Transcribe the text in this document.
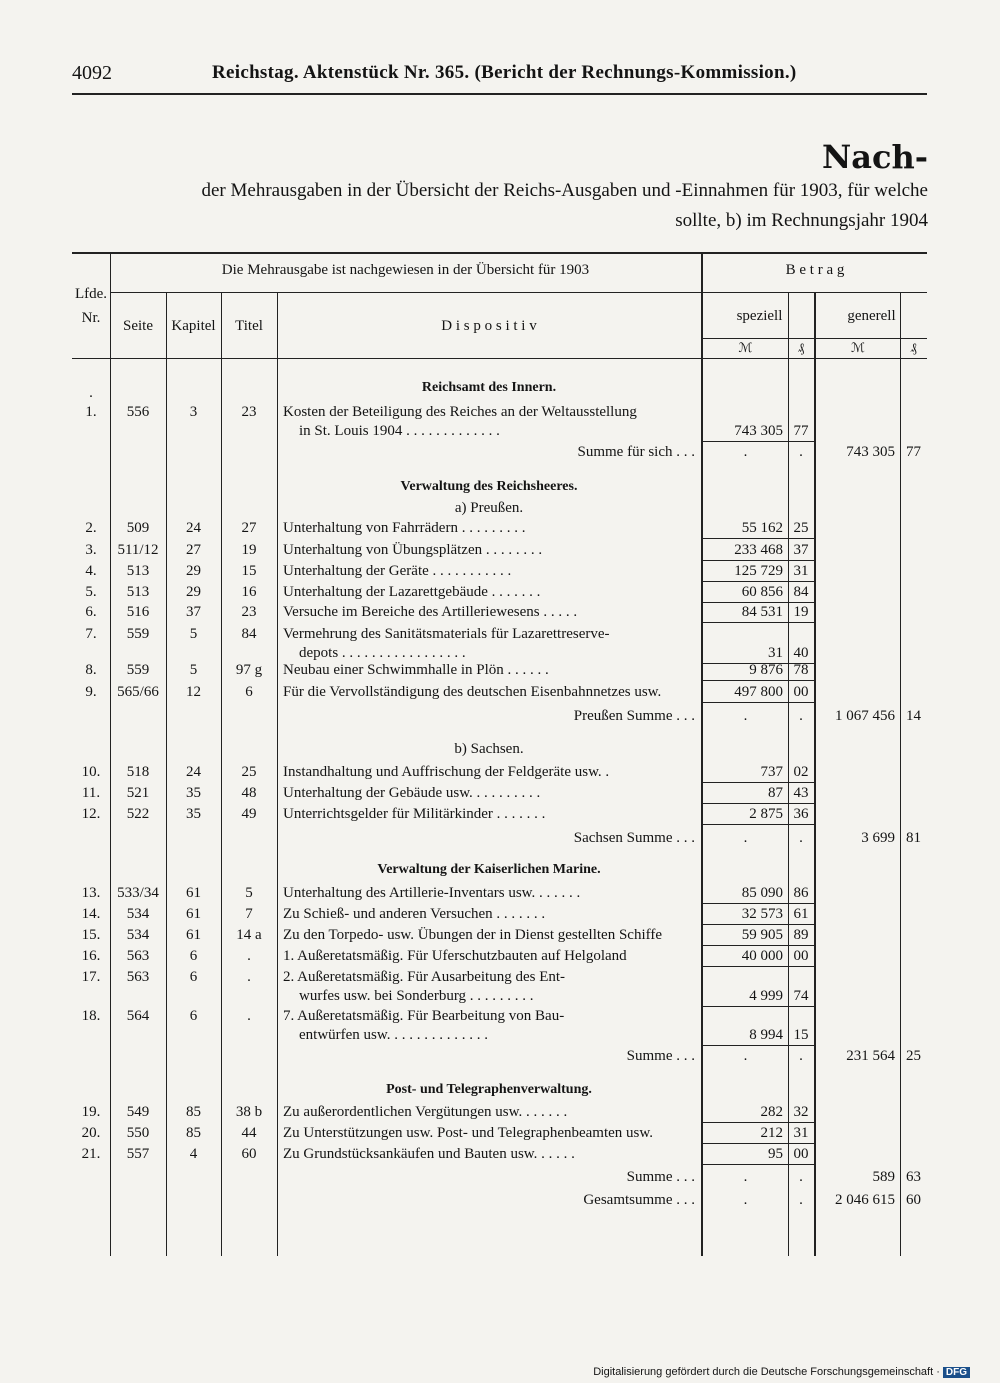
4092	Reichstag. Aktenstück Nr. 365. (Bericht der Rechnungs-Kommission.)
Nach-
der Mehrausgaben in der Übersicht der Reichs-Ausgaben und -Einnahmen für 1903, für welche
sollte, b) im Rechnungsjahr 1904
Lfde.
Nr.
Die Mehrausgabe ist nachgewiesen in der Übersicht für 1903
Seite	Kapitel	Titel	D i s p o s i t i v
B e t r a g
speziell	generell
ℳ	₰	ℳ	₰
.	Reichsamt des Innern.
1.	556	3	23	Kosten der Beteiligung des Reiches an der Weltausstellung
in St. Louis 1904 . . . . . . . . . . . . .	743 305 77
Summe für sich . . .	.	.	743 305 77
Verwaltung des Reichsheeres.
a) Preußen.
2.	509	24	27	Unterhaltung von Fahrrädern . . . . . . . . .	55 162 25
3.	511/12	27	19	Unterhaltung von Übungsplätzen . . . . . . . .	233 468 37
4.	513	29	15	Unterhaltung der Geräte . . . . . . . . . . .	125 729 31
5.	513	29	16	Unterhaltung der Lazarettgebäude . . . . . . .	60 856 84
6.	516	37	23	Versuche im Bereiche des Artilleriewesens . . . . .	84 531 19
7.	559	5	84	Vermehrung des Sanitätsmaterials für Lazarettreserve-
depots . . . . . . . . . . . . . . . . .	31 40
8.	559	5	97 g	Neubau einer Schwimmhalle in Plön . . . . . .	9 876 78
9.	565/66	12	6	Für die Vervollständigung des deutschen Eisenbahnnetzes usw.	497 800 00
Preußen Summe . . .	.	.	1 067 456 14
b) Sachsen.
10.	518	24	25	Instandhaltung und Auffrischung der Feldgeräte usw. .	737 02
11.	521	35	48	Unterhaltung der Gebäude usw. . . . . . . . . .	87 43
12.	522	35	49	Unterrichtsgelder für Militärkinder . . . . . . .	2 875 36
Sachsen Summe . . .	.	.	3 699 81
Verwaltung der Kaiserlichen Marine.
13.	533/34	61	5	Unterhaltung des Artillerie-Inventars usw. . . . . . .	85 090 86
14.	534	61	7	Zu Schieß- und anderen Versuchen . . . . . . .	32 573 61
15.	534	61	14 a	Zu den Torpedo- usw. Übungen der in Dienst gestellten Schiffe	59 905 89
16.	563	6	.	1. Außeretatsmäßig. Für Uferschutzbauten auf Helgoland	40 000 00
17.	563	6	.	2. Außeretatsmäßig. Für Ausarbeitung des Ent-
wurfes usw. bei Sonderburg . . . . . . . . .	4 999 74
18.	564	6	.	7. Außeretatsmäßig. Für Bearbeitung von Bau-
entwürfen usw. . . . . . . . . . . . . .	8 994 15
Summe . . .	.	.	231 564 25
Post- und Telegraphenverwaltung.
19.	549	85	38 b	Zu außerordentlichen Vergütungen usw. . . . . . .	282 32
20.	550	85	44	Zu Unterstützungen usw. Post- und Telegraphenbeamten usw.	212 31
21.	557	4	60	Zu Grundstücksankäufen und Bauten usw. . . . . .	95 00
Summe . . .	.	.	589 63
Gesamtsumme . . .	.	.	2 046 615 60
Digitalisierung gefördert durch die Deutsche Forschungsgemeinschaft · DFG
